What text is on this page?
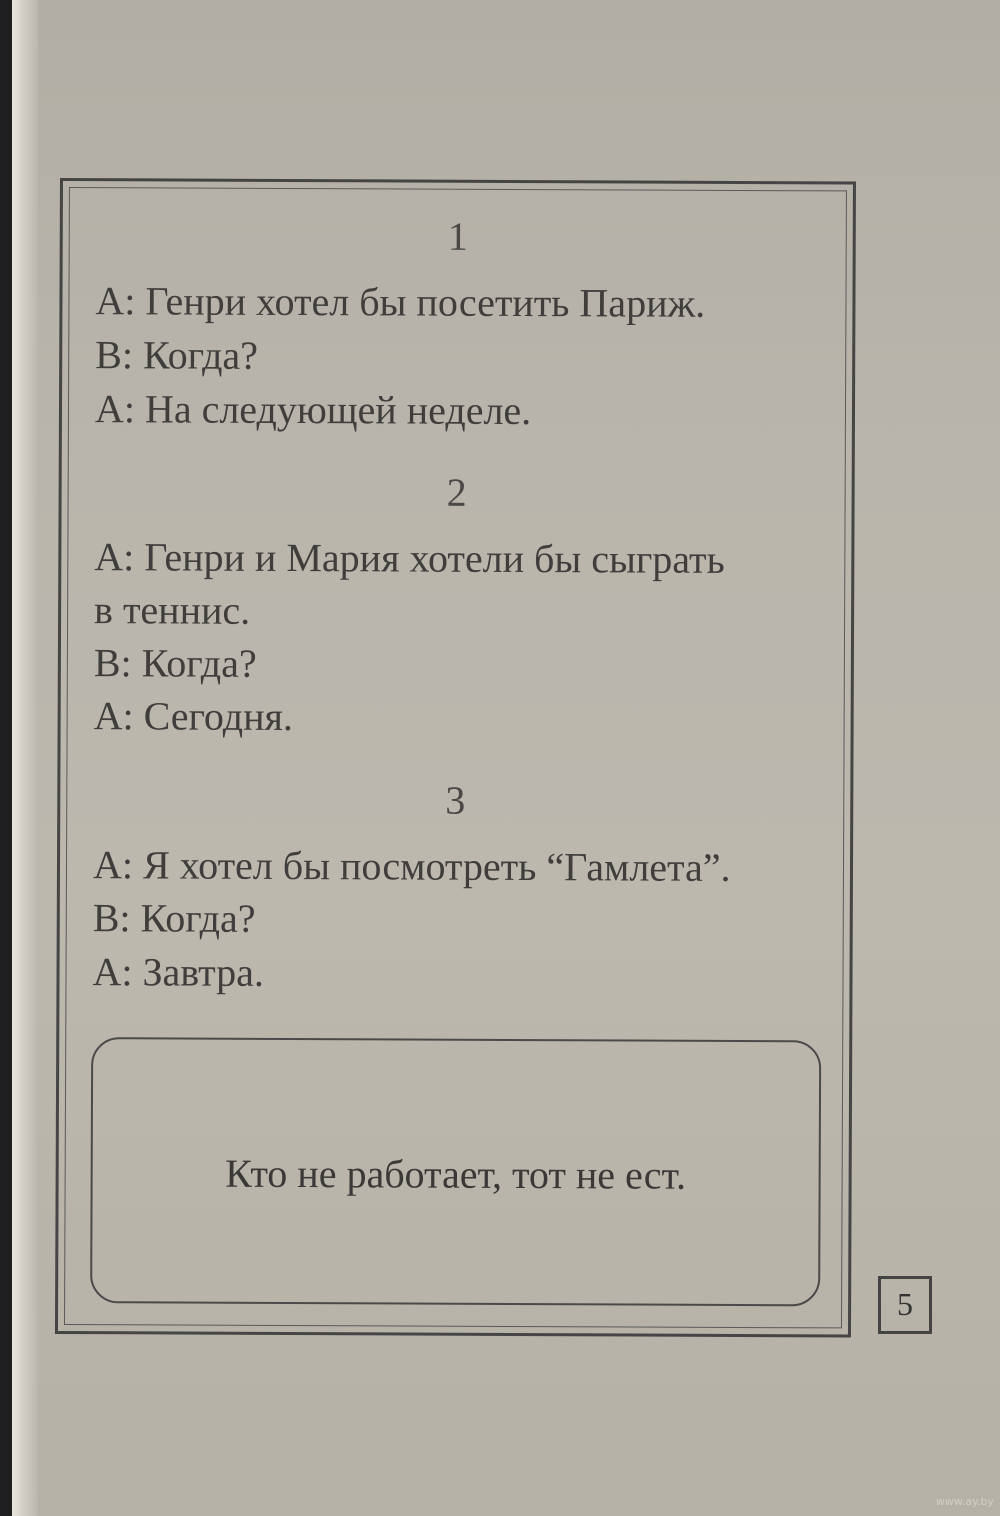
1
А: Генри хотел бы посетить Париж.
В: Когда?
А: На следующей неделе.
2
А: Генри и Мария хотели бы сыграть
в теннис.
В: Когда?
А: Сегодня.
3
А: Я хотел бы посмотреть “Гамлета”.
В: Когда?
А: Завтра.
Кто не работает, тот не ест.
5
www.ay.by
